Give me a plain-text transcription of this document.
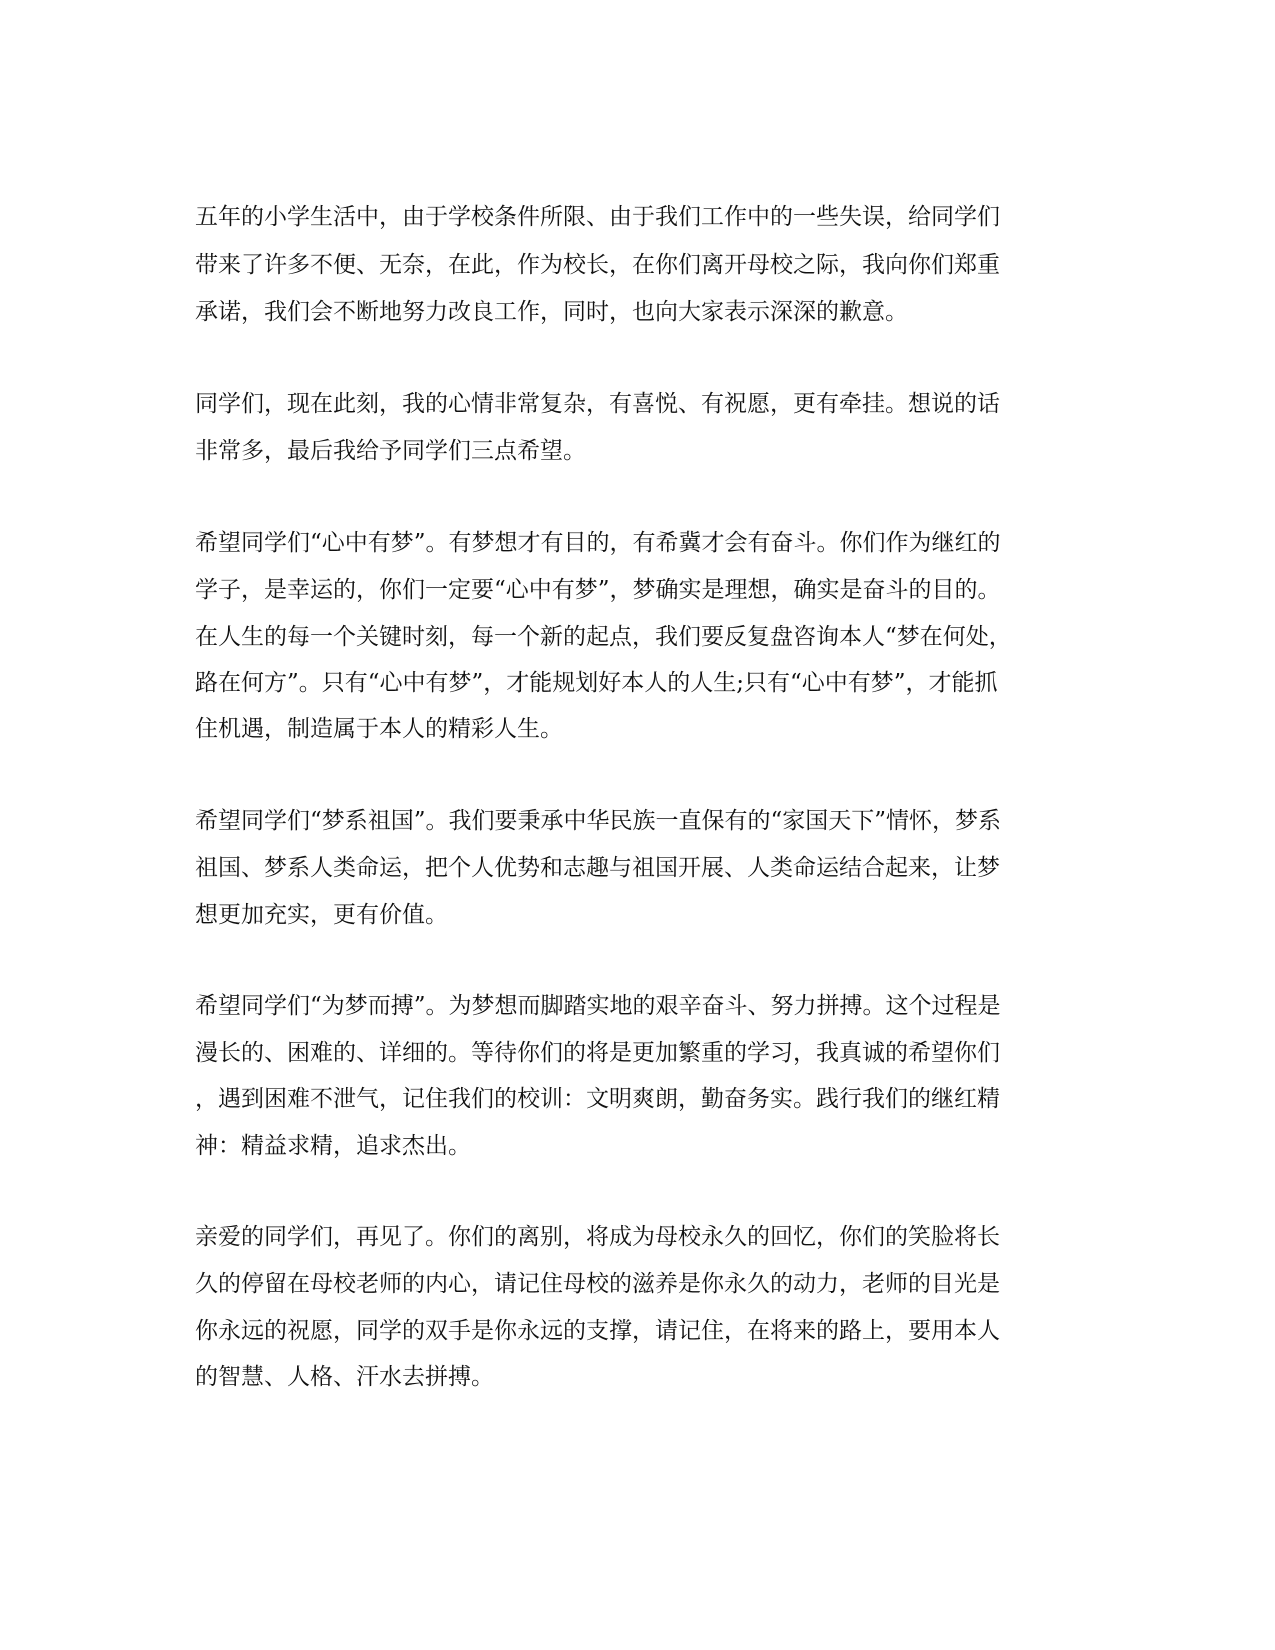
五年的小学生活中，由于学校条件所限、由于我们工作中的一些失误，给同学们

带来了许多不便、无奈，在此，作为校长，在你们离开母校之际，我向你们郑重

承诺，我们会不断地努力改良工作，同时，也向大家表示深深的歉意。

同学们，现在此刻，我的心情非常复杂，有喜悦、有祝愿，更有牵挂。想说的话

非常多，最后我给予同学们三点希望。

希望同学们“心中有梦”。有梦想才有目的，有希冀才会有奋斗。你们作为继红的

学子，是幸运的，你们一定要“心中有梦”，梦确实是理想，确实是奋斗的目的。

在人生的每一个关键时刻，每一个新的起点，我们要反复盘咨询本人“梦在何处，

路在何方”。只有“心中有梦”，才能规划好本人的人生;只有“心中有梦”，才能抓

住机遇，制造属于本人的精彩人生。

希望同学们“梦系祖国”。我们要秉承中华民族一直保有的“家国天下”情怀，梦系

祖国、梦系人类命运，把个人优势和志趣与祖国开展、人类命运结合起来，让梦

想更加充实，更有价值。

希望同学们“为梦而搏”。为梦想而脚踏实地的艰辛奋斗、努力拼搏。这个过程是

漫长的、困难的、详细的。等待你们的将是更加繁重的学习，我真诚的希望你们

，遇到困难不泄气，记住我们的校训：文明爽朗，勤奋务实。践行我们的继红精

神：精益求精，追求杰出。

亲爱的同学们，再见了。你们的离别，将成为母校永久的回忆，你们的笑脸将长

久的停留在母校老师的内心，请记住母校的滋养是你永久的动力，老师的目光是

你永远的祝愿，同学的双手是你永远的支撑，请记住，在将来的路上，要用本人

的智慧、人格、汗水去拼搏。
